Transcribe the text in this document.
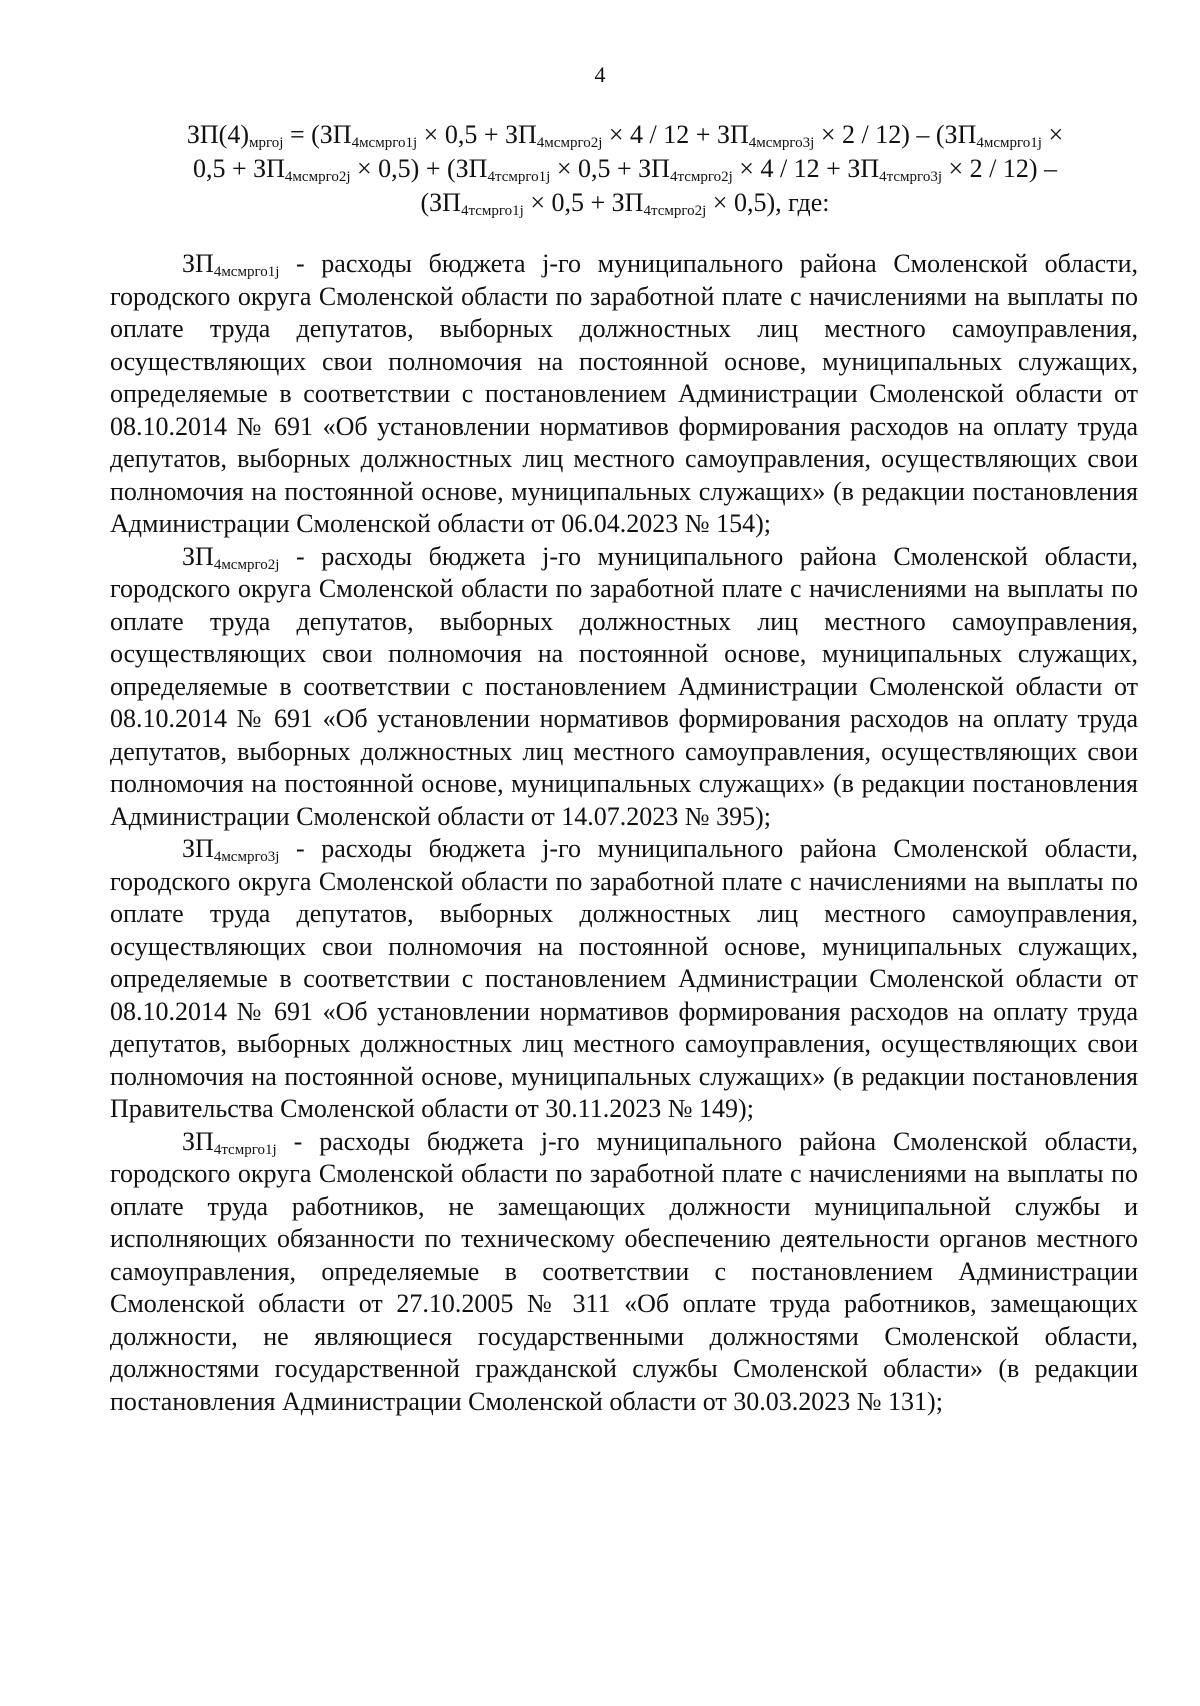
4
$ЗП(4)_{мргоj} = (ЗП_{4мсмрго1j} \times 0,5 + ЗП_{4мсмрго2j} \times 4 / 12 + ЗП_{4мсмрго3j} \times 2 / 12) - (ЗП_{4мсмрго1j}$ ×
$0,5 + ЗП_{4мсмрго2j} \times 0,5) + (ЗП_{4тсмрго1j} \times 0,5 + ЗП_{4тсмрго2j} \times 4 / 12 + ЗП_{4тсмрго3j} \times 2 / 12)$ –
$(ЗП_{4тсмрго1j} \times 0,5 + ЗП_{4тсмрго2j} \times 0,5)$, где:

$ЗП_{4мсмрго1j}$ - расходы бюджета j-го муниципального района Смоленской области, городского округа Смоленской области по заработной плате с начислениями на выплаты по оплате труда депутатов, выборных должностных лиц местного самоуправления, осуществляющих свои полномочия на постоянной основе, муниципальных служащих, определяемые в соответствии с постановлением Администрации Смоленской области от 08.10.2014 № 691 «Об установлении нормативов формирования расходов на оплату труда депутатов, выборных должностных лиц местного самоуправления, осуществляющих свои полномочия на постоянной основе, муниципальных служащих» (в редакции постановления Администрации Смоленской области от 06.04.2023 № 154);

$ЗП_{4мсмрго2j}$ - расходы бюджета j-го муниципального района Смоленской области, городского округа Смоленской области по заработной плате с начислениями на выплаты по оплате труда депутатов, выборных должностных лиц местного самоуправления, осуществляющих свои полномочия на постоянной основе, муниципальных служащих, определяемые в соответствии с постановлением Администрации Смоленской области от 08.10.2014 № 691 «Об установлении нормативов формирования расходов на оплату труда депутатов, выборных должностных лиц местного самоуправления, осуществляющих свои полномочия на постоянной основе, муниципальных служащих» (в редакции постановления Администрации Смоленской области от 14.07.2023 № 395);

$ЗП_{4мсмрго3j}$ - расходы бюджета j-го муниципального района Смоленской области, городского округа Смоленской области по заработной плате с начислениями на выплаты по оплате труда депутатов, выборных должностных лиц местного самоуправления, осуществляющих свои полномочия на постоянной основе, муниципальных служащих, определяемые в соответствии с постановлением Администрации Смоленской области от 08.10.2014 № 691 «Об установлении нормативов формирования расходов на оплату труда депутатов, выборных должностных лиц местного самоуправления, осуществляющих свои полномочия на постоянной основе, муниципальных служащих» (в редакции постановления Правительства Смоленской области от 30.11.2023 № 149);

$ЗП_{4тсмрго1j}$ - расходы бюджета j-го муниципального района Смоленской области, городского округа Смоленской области по заработной плате с начислениями на выплаты по оплате труда работников, не замещающих должности муниципальной службы и исполняющих обязанности по техническому обеспечению деятельности органов местного самоуправления, определяемые в соответствии с постановлением Администрации Смоленской области от 27.10.2005 № 311 «Об оплате труда работников, замещающих должности, не являющиеся государственными должностями Смоленской области, должностями государственной гражданской службы Смоленской области» (в редакции постановления Администрации Смоленской области от 30.03.2023 № 131);
